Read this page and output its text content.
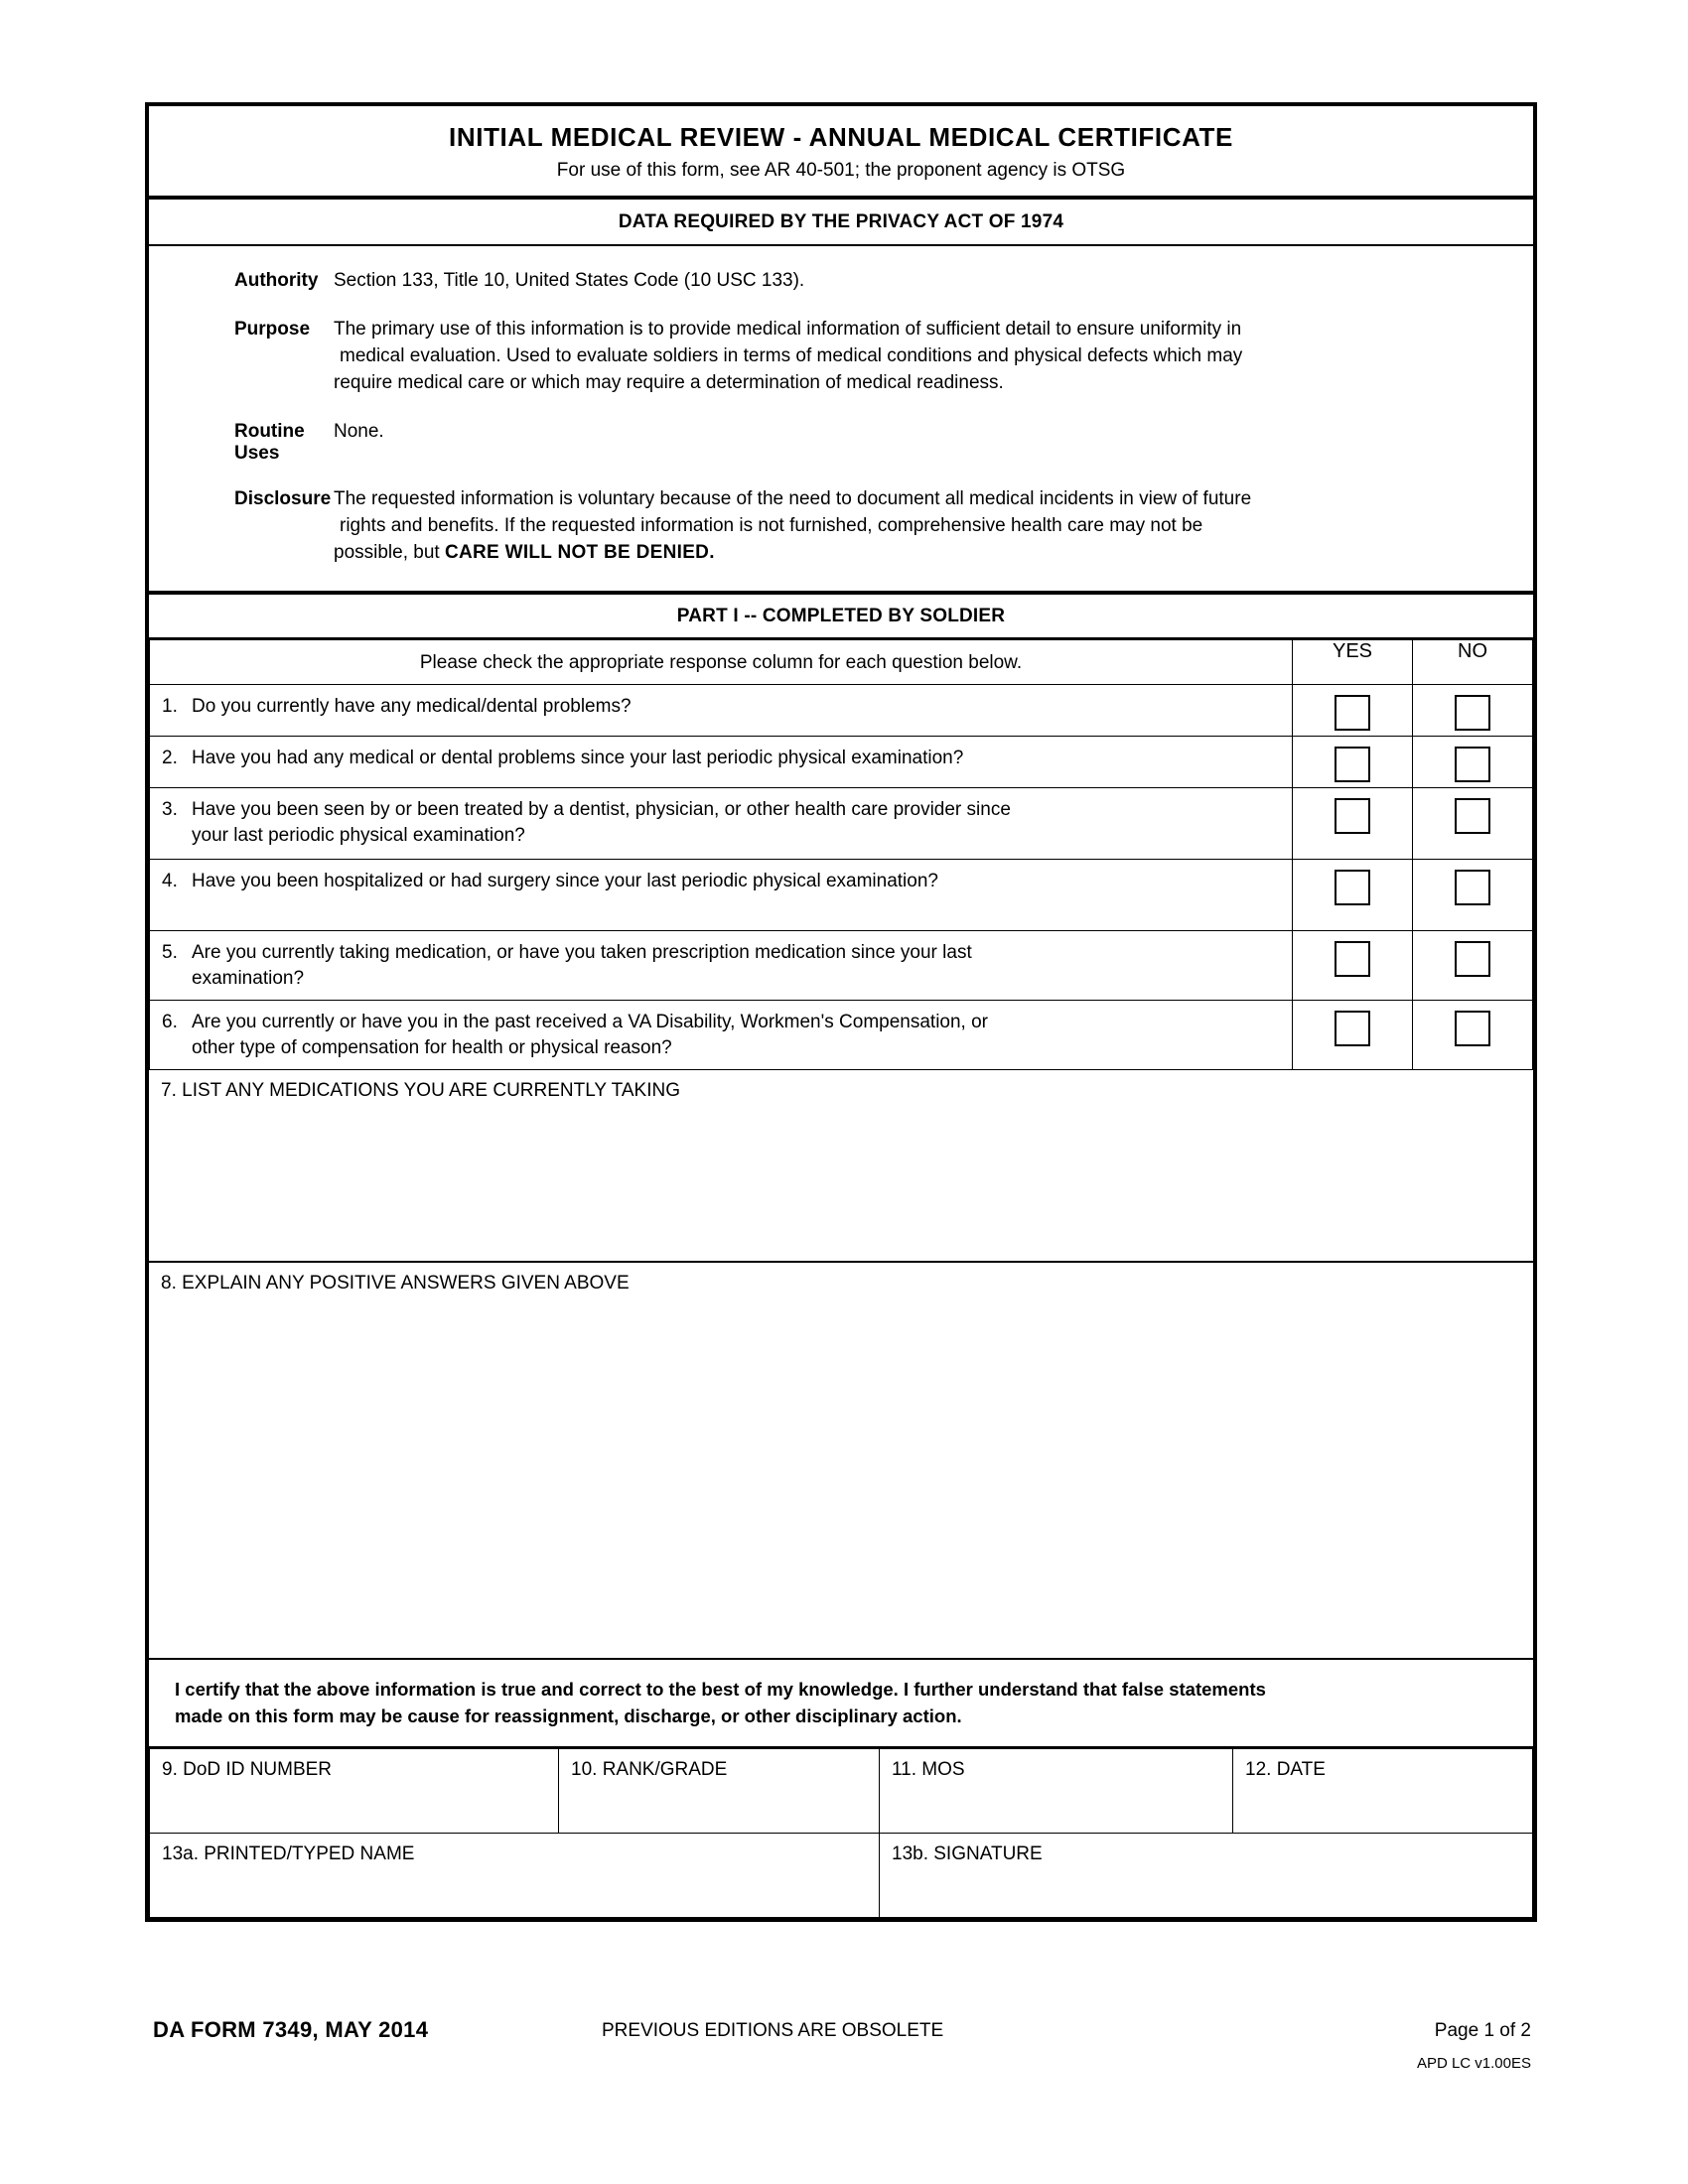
INITIAL MEDICAL REVIEW - ANNUAL MEDICAL CERTIFICATE
For use of this form, see AR 40-501; the proponent agency is OTSG
DATA REQUIRED BY THE PRIVACY ACT OF 1974
Authority Section 133, Title 10, United States Code (10 USC 133).
Purpose	The primary use of this information is to provide medical information of sufficient detail to ensure uniformity in
medical evaluation. Used to evaluate soldiers in terms of medical conditions and physical defects which may
require medical care or which may require a determination of medical readiness.
Routine Uses
None.
Disclosure The requested information is voluntary because of the need to document all medical incidents in view of future
rights and benefits. If the requested information is not furnished, comprehensive health care may not be
possible, but CARE WILL NOT BE DENIED.
PART I -- COMPLETED BY SOLDIER
Please check the appropriate response column for each question below.	YES	NO

1. Do you currently have any medical/dental problems?		

2. Have you had any medical or dental problems since your last periodic physical examination?		

3. Have you been seen by or been treated by a dentist, physician, or other health care provider since
your last periodic physical examination?		

4. Have you been hospitalized or had surgery since your last periodic physical examination?		

5. Are you currently taking medication, or have you taken prescription medication since your last
examination?		

6. Are you currently or have you in the past received a VA Disability, Workmen's Compensation, or
other type of compensation for health or physical reason?		

7. LIST ANY MEDICATIONS YOU ARE CURRENTLY TAKING
8. EXPLAIN ANY POSITIVE ANSWERS GIVEN ABOVE
I certify that the above information is true and correct to the best of my knowledge. I further understand that false statements
made on this form may be cause for reassignment, discharge, or other disciplinary action.
9. DoD ID NUMBER	10. RANK/GRADE	11. MOS	12. DATE
13a. PRINTED/TYPED NAME		13b. SIGNATURE	
DA FORM 7349, MAY 2014	PREVIOUS EDITIONS ARE OBSOLETE	Page 1 of 2
APD LC v1.00ES
